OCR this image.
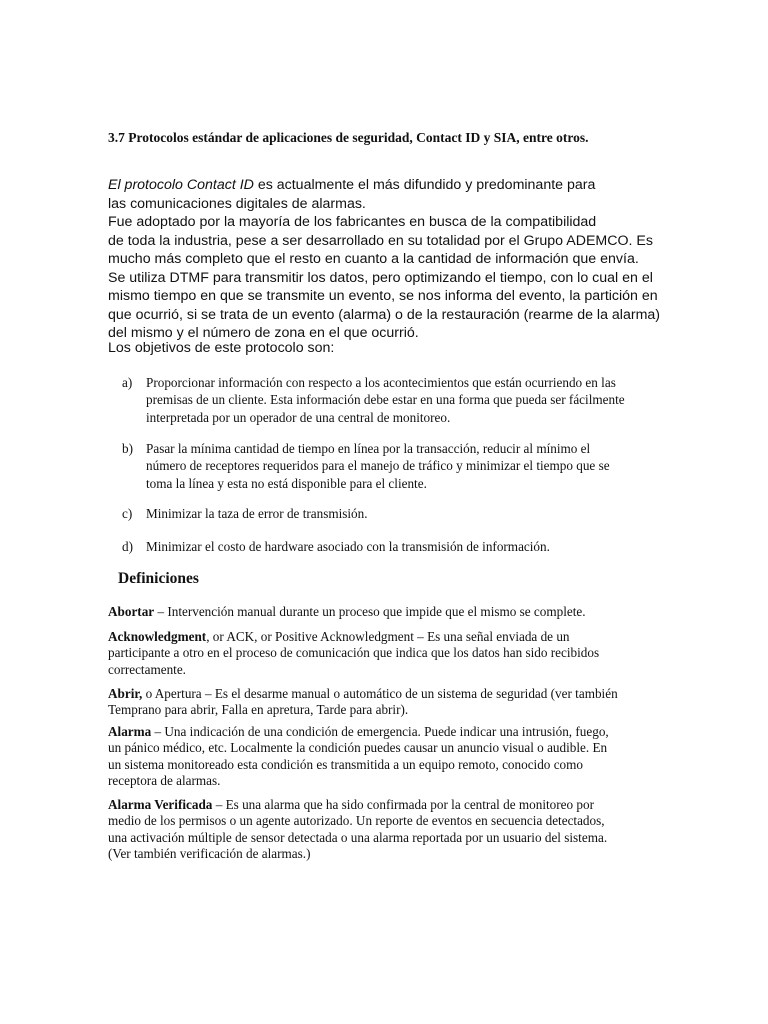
3.7 Protocolos estándar de aplicaciones de seguridad, Contact ID y SIA, entre otros.

El protocolo Contact ID es actualmente el más difundido y predominante para

las comunicaciones digitales de alarmas.

Fue adoptado por la mayoría de los fabricantes en busca de la compatibilidad

de toda la industria, pese a ser desarrollado en su totalidad por el Grupo ADEMCO. Es

mucho más completo que el resto en cuanto a la cantidad de información que envía.

Se utiliza DTMF para transmitir los datos, pero optimizando el tiempo, con lo cual en el

mismo tiempo en que se transmite un evento, se nos informa del evento, la partición en

que ocurrió, si se trata de un evento (alarma) o de la restauración (rearme de la alarma)

del mismo y el número de zona en el que ocurrió.

Los objetivos de este protocolo son:
a) Proporcionar información con respecto a los acontecimientos que están ocurriendo en las
premisas de un cliente. Esta información debe estar en una forma que pueda ser fácilmente
interpretada por un operador de una central de monitoreo.
b) Pasar la mínima cantidad de tiempo en línea por la transacción, reducir al mínimo el
número de receptores requeridos para el manejo de tráfico y minimizar el tiempo que se
toma la línea y esta no está disponible para el cliente.
c) Minimizar la taza de error de transmisión.
d) Minimizar el costo de hardware asociado con la transmisión de información.
Definiciones
Abortar – Intervención manual durante un proceso que impide que el mismo se complete.
Acknowledgment, or ACK, or Positive Acknowledgment – Es una señal enviada de un
participante a otro en el proceso de comunicación que indica que los datos han sido recibidos
correctamente.
Abrir, o Apertura – Es el desarme manual o automático de un sistema de seguridad (ver también
Temprano para abrir, Falla en apretura, Tarde para abrir).
Alarma – Una indicación de una condición de emergencia. Puede indicar una intrusión, fuego,
un pánico médico, etc. Localmente la condición puedes causar un anuncio visual o audible. En
un sistema monitoreado esta condición es transmitida a un equipo remoto, conocido como
receptora de alarmas.
Alarma Verificada – Es una alarma que ha sido confirmada por la central de monitoreo por
medio de los permisos o un agente autorizado. Un reporte de eventos en secuencia detectados,
una activación múltiple de sensor detectada o una alarma reportada por un usuario del sistema.
(Ver también verificación de alarmas.)
